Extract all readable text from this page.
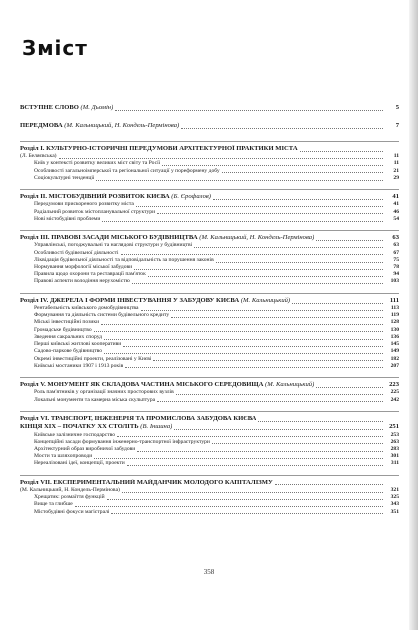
Зміст
ВСТУПНЕ СЛОВО (М. Дьомін)	5
ПЕРЕДМОВА (М. Кальницький, Н. Кондель-Перміновa)	7
Розділ I. КУЛЬТУРНО-ІСТОРИЧНІ ПЕРЕДУМОВИ АРХІТЕКТУРНОЇ ПРАКТИКИ МІСТА
(Л. Беляєвська)	11
Київ у контексті розвитку великих міст світу та Росії	11
Особливості загальноімперської та регіональної ситуації у пореформену добу	21
Соціокультурні тенденції	29
Розділ II. МІСТОБУДІВНИЙ РОЗВИТОК КИЄВА (Б. Єрофалов)	41
Передумови прискореного розвитку міста	41
Радіальний розвиток містопланувальної структури	46
Нові містобудівні проблеми	54
Розділ III. ПРАВОВІ ЗАСАДИ МІСЬКОГО БУДІВНИЦТВА (М. Кальницький, Н. Кондель-Перміновa)	63
Управлінські, погоджувальні та наглядові структури у будівництві	63
Особливості будівельної діяльності	67
Ліквідація будівельної діяльності та відповідальність за порушення законів	75
Нормування морфології міської забудови	78
Правила щодо охорони та реставрації пам'яток	94
Правові аспекти володіння нерухомістю	103
Розділ IV. ДЖЕРЕЛА І ФОРМИ ІНВЕСТУВАННЯ У ЗАБУДОВУ КИЄВА (М. Кальницький)	111
Рентабельність київського домобудівництва	113
Формування та діяльність системи будівельного кредиту	119
Міські інвестиційні позики	128
Громадське будівництво	130
Зведення сакральних споруд	136
Перші київські житлові кооперативи	145
Садово-паркове будівництво	149
Окремі інвестиційні проекти, реалізовані у Києві	182
Київські мостаники 1907 і 1913 років	207
Розділ V. МОНУМЕНТ ЯК СКЛАДОВА ЧАСТИНА МІСЬКОГО СЕРЕДОВИЩА (М. Кальницький)	223
Роль пам'ятників у організації значних просторових вузлів	225
Локальні монументи та камерна міська скульптура	242
Розділ VI. ТРАНСПОРТ, ІНЖЕНЕРІЯ ТА ПРОМИСЛОВА ЗАБУДОВА КИЄВА
КІНЦЯ XIX – ПОЧАТКУ XX СТОЛІТЬ (В. Іншина)	251
Київське залізничне господарство	253
Концепційні засади формування інженерно-транспортної інфраструктури	263
Архітектурний образ виробничої забудови	283
Мости та шляхопроводи	301
Нереалізовані ідеї, концепції, проекти	311
Розділ VII. ЕКСПЕРИМЕНТАЛЬНИЙ МАЙДАНЧИК МОЛОДОГО КАПІТАЛІЗМУ
(М. Кальницький, Н. Кондель-Перміновa)	321
Хрещатик: розмаїття функцій	325
Вище та глибше	343
Містобудівні фокуси магістралі	351
358
